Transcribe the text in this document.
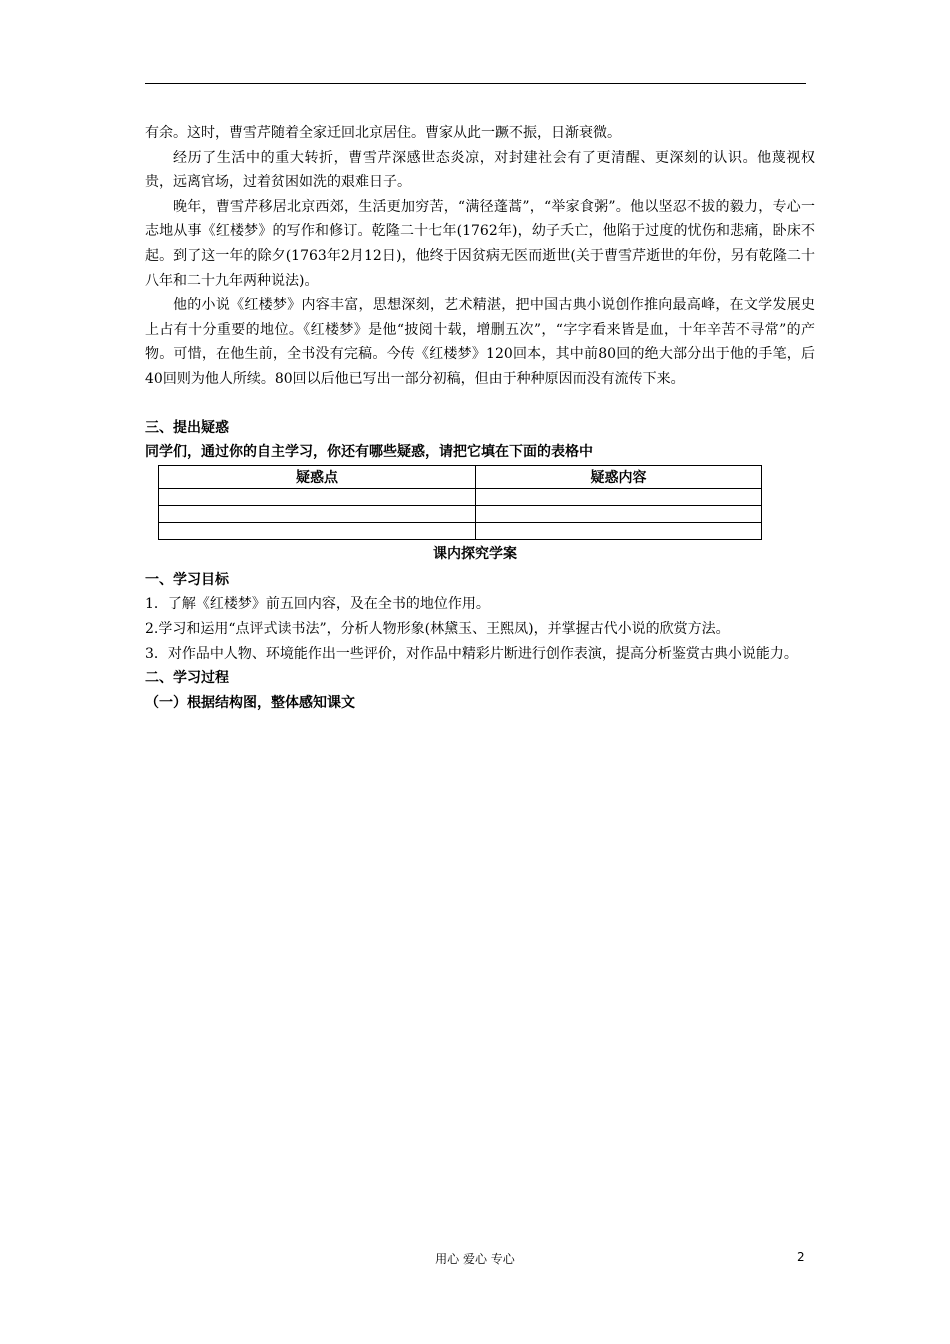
有余。这时，曹雪芹随着全家迁回北京居住。曹家从此一蹶不振，日渐衰微。

经历了生活中的重大转折，曹雪芹深感世态炎凉，对封建社会有了更清醒、更深刻的认识。他蔑视权贵，远离官场，过着贫困如洗的艰难日子。

晚年，曹雪芹移居北京西郊，生活更加穷苦，“满径蓬蒿”，“举家食粥”。他以坚忍不拔的毅力，专心一志地从事《红楼梦》的写作和修订。乾隆二十七年(1762年)，幼子夭亡，他陷于过度的忧伤和悲痛，卧床不起。到了这一年的除夕(1763年2月12日)，他终于因贫病无医而逝世(关于曹雪芹逝世的年份，另有乾隆二十八年和二十九年两种说法)。

他的小说《红楼梦》内容丰富，思想深刻，艺术精湛，把中国古典小说创作推向最高峰，在文学发展史上占有十分重要的地位。《红楼梦》是他“披阅十载，增删五次”，“字字看来皆是血，十年辛苦不寻常”的产物。可惜，在他生前，全书没有完稿。今传《红楼梦》120回本，其中前80回的绝大部分出于他的手笔，后40回则为他人所续。80回以后他已写出一部分初稿，但由于种种原因而没有流传下来。

三、提出疑惑

同学们，通过你的自主学习，你还有哪些疑惑，请把它填在下面的表格中

疑惑点	疑惑内容

课内探究学案

一、学习目标

1．了解《红楼梦》前五回内容，及在全书的地位作用。

2.学习和运用“点评式读书法”，分析人物形象(林黛玉、王熙凤)，并掌握古代小说的欣赏方法。

3．对作品中人物、环境能作出一些评价，对作品中精彩片断进行创作表演，提高分析鉴赏古典小说能力。

二、学习过程

（一）根据结构图，整体感知课文

用心 爱心 专心	2
